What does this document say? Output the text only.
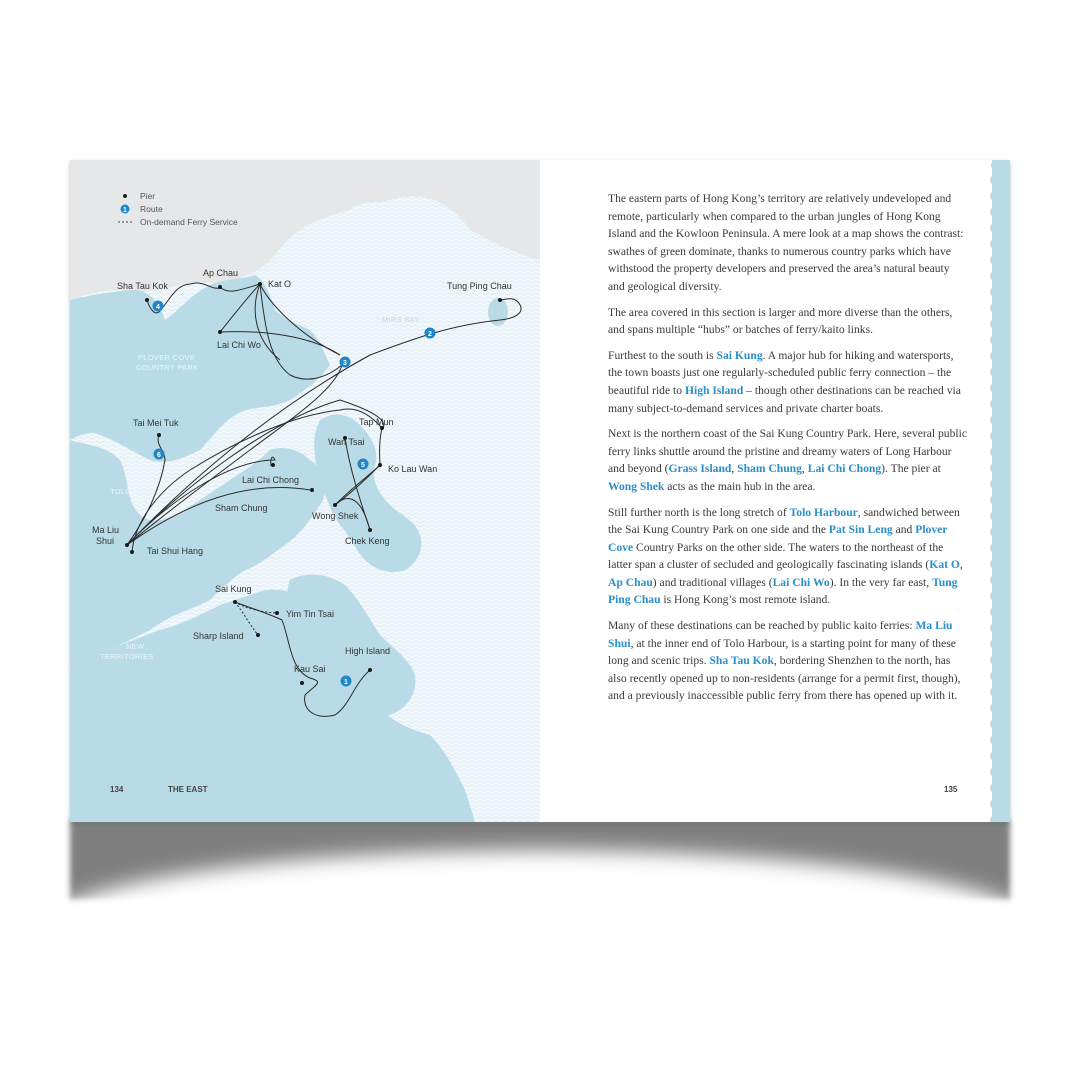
PLOVER COVE
COUNTRY PARK
NEW
TERRITORIES
TOLO HARBOUR
MIRS BAY
Pier
1 Route
On-demand Ferry Service
1
2
3
4
5
6
Sha Tau Kok
Ap Chau
Kat O
Lai Chi Wo
Tung Ping Chau
Tai Mei Tuk	Tap Mun
Wan Tsai
Ko Lau Wan
Lai Chi Chong
Sham Chung
Wong Shek
Chek Keng
Ma Liu
Shui
Tai Shui Hang
Sai Kung
Yim Tin Tsai
Sharp Island
Kau Sai
High Island
134	THE EAST

The eastern parts of Hong Kong’s territory are relatively undeveloped and remote, particularly when compared to the urban jungles of Hong Kong Island and the Kowloon Peninsula. A mere look at a map shows the contrast: swathes of green dominate, thanks to numerous country parks which have withstood the property developers and preserved the area’s natural beauty and geological diversity.

The area covered in this section is larger and more diverse than the others, and spans multiple “hubs” or batches of ferry/kaito links.

Furthest to the south is Sai Kung. A major hub for hiking and watersports, the town boasts just one regularly-scheduled public ferry connection – the beautiful ride to High Island – though other destinations can be reached via many subject-to-demand services and private charter boats.

Next is the northern coast of the Sai Kung Country Park. Here, several public ferry links shuttle around the pristine and dreamy waters of Long Harbour and beyond (Grass Island, Sham Chung, Lai Chi Chong). The pier at Wong Shek acts as the main hub in the area.

Still further north is the long stretch of Tolo Harbour, sandwiched between the Sai Kung Country Park on one side and the Pat Sin Leng and Plover Cove Country Parks on the other side. The waters to the northeast of the latter span a cluster of secluded and geologically fascinating islands (Kat O, Ap Chau) and traditional villages (Lai Chi Wo). In the very far east, Tung Ping Chau is Hong Kong’s most remote island.

Many of these destinations can be reached by public kaito ferries: Ma Liu Shui, at the inner end of Tolo Harbour, is a starting point for many of these long and scenic trips. Sha Tau Kok, bordering Shenzhen to the north, has also recently opened up to non-residents (arrange for a permit first, though), and a previously inaccessible public ferry from there has opened up with it.

135
